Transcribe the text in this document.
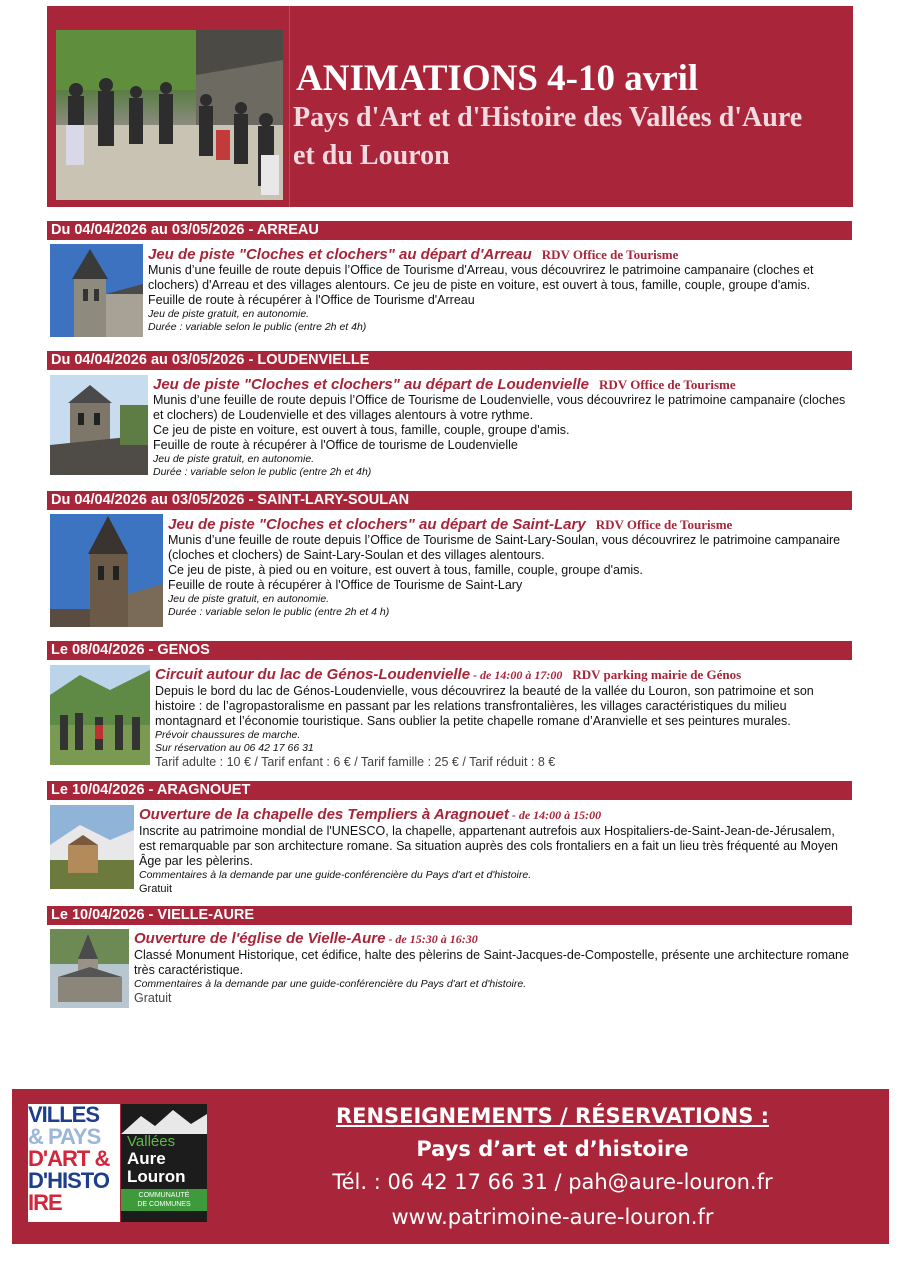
ANIMATIONS 4-10 avril
Pays d'Art et d'Histoire des Vallées d'Aure et du Louron
Du 04/04/2026 au 03/05/2026 - ARREAU
Jeu de piste "Cloches et clochers" au départ d'Arreau RDV Office de Tourisme
Munis d’une feuille de route depuis l’Office de Tourisme d'Arreau, vous découvrirez le patrimoine campanaire (cloches et clochers) d'Arreau et des villages alentours. Ce jeu de piste en voiture, est ouvert à tous, famille, couple, groupe d'amis.
Feuille de route à récupérer à l'Office de Tourisme d'Arreau
Jeu de piste gratuit, en autonomie.
Durée : variable selon le public (entre 2h et 4h)
Du 04/04/2026 au 03/05/2026 - LOUDENVIELLE
Jeu de piste "Cloches et clochers" au départ de Loudenvielle RDV Office de Tourisme
Munis d’une feuille de route depuis l’Office de Tourisme de Loudenvielle, vous découvrirez le patrimoine campanaire (cloches et clochers) de Loudenvielle et des villages alentours à votre rythme.
Ce jeu de piste en voiture, est ouvert à tous, famille, couple, groupe d'amis.
Feuille de route à récupérer à l'Office de tourisme de Loudenvielle
Jeu de piste gratuit, en autonomie.
Durée : variable selon le public (entre 2h et 4h)
Du 04/04/2026 au 03/05/2026 - SAINT-LARY-SOULAN
Jeu de piste "Cloches et clochers" au départ de Saint-Lary RDV Office de Tourisme
Munis d’une feuille de route depuis l’Office de Tourisme de Saint-Lary-Soulan, vous découvrirez le patrimoine campanaire (cloches et clochers) de Saint-Lary-Soulan et des villages alentours.
Ce jeu de piste, à pied ou en voiture, est ouvert à tous, famille, couple, groupe d'amis.
Feuille de route à récupérer à l'Office de Tourisme de Saint-Lary
Jeu de piste gratuit, en autonomie.
Durée : variable selon le public (entre 2h et 4 h)
Le 08/04/2026 - GENOS
Circuit autour du lac de Génos-Loudenvielle - de 14:00 à 17:00 RDV parking mairie de Génos
Depuis le bord du lac de Génos-Loudenvielle, vous découvrirez la beauté de la vallée du Louron, son patrimoine et son histoire : de l’agropastoralisme en passant par les relations transfrontalières, les villages caractéristiques du milieu montagnard et l’économie touristique. Sans oublier la petite chapelle romane d’Aranvielle et ses peintures murales.
Prévoir chaussures de marche.
Sur réservation au 06 42 17 66 31
Tarif adulte : 10 € / Tarif enfant : 6 € / Tarif famille : 25 € / Tarif réduit : 8 €
Le 10/04/2026 - ARAGNOUET
Ouverture de la chapelle des Templiers à Aragnouet - de 14:00 à 15:00
Inscrite au patrimoine mondial de l'UNESCO, la chapelle, appartenant autrefois aux Hospitaliers-de-Saint-Jean-de-Jérusalem, est remarquable par son architecture romane. Sa situation auprès des cols frontaliers en a fait un lieu très fréquenté au Moyen Âge par les pèlerins.
Commentaires à la demande par une guide-conférencière du Pays d'art et d'histoire.
Gratuit
Le 10/04/2026 - VIELLE-AURE
Ouverture de l'église de Vielle-Aure - de 15:30 à 16:30
Classé Monument Historique, cet édifice, halte des pèlerins de Saint-Jacques-de-Compostelle, présente une architecture romane très caractéristique.
Commentaires à la demande par une guide-conférencière du Pays d'art et d'histoire.
Gratuit
VILLES
& PAYS
D'ART &
D'HISTO
IRE
Vallées
Aure
Louron
COMMUNAUTÉ
DE COMMUNES
RENSEIGNEMENTS / RÉSERVATIONS :
Pays d’art et d’histoire
Tél. : 06 42 17 66 31 / pah@aure-louron.fr
www.patrimoine-aure-louron.fr
